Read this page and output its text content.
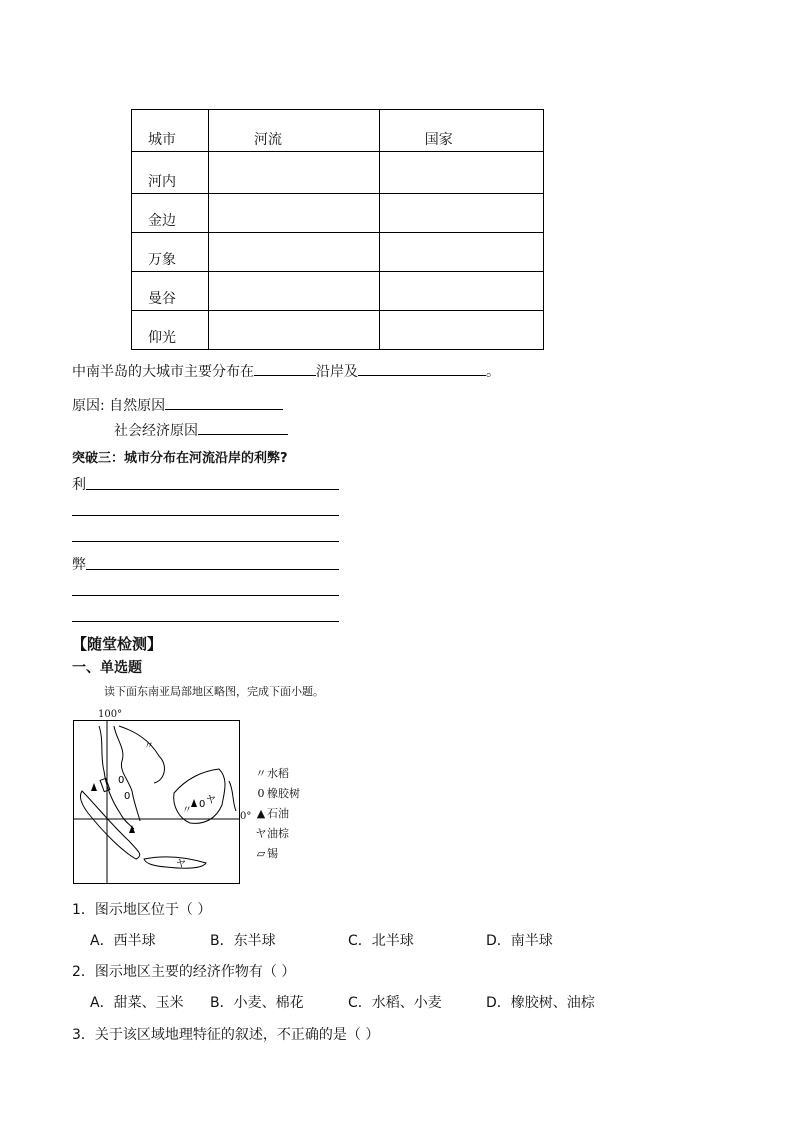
城市	河流	国家
河内		
金边		
万象		
曼谷		
仰光		
中南半岛的大城市主要分布在	沿岸及	。
原因: 自然原因
社会经济原因
突破三：城市分布在河流沿岸的利弊?
利
弊
【随堂检测】
一、单选题
读下面东南亚局部地区略图，完成下面小题。
100°
〃
0
0
0
〃
ヤ
ヤ
0°
〃水稻
0 橡胶树
▲ 石油
ヤ油棕
▱ 锡
1．图示地区位于（ ）
A．西半球	B．东半球	C．北半球	D．南半球
2．图示地区主要的经济作物有（ ）
A．甜菜、玉米 B．小麦、棉花	C．水稻、小麦	D．橡胶树、油棕
3．关于该区域地理特征的叙述，不正确的是（ ）
